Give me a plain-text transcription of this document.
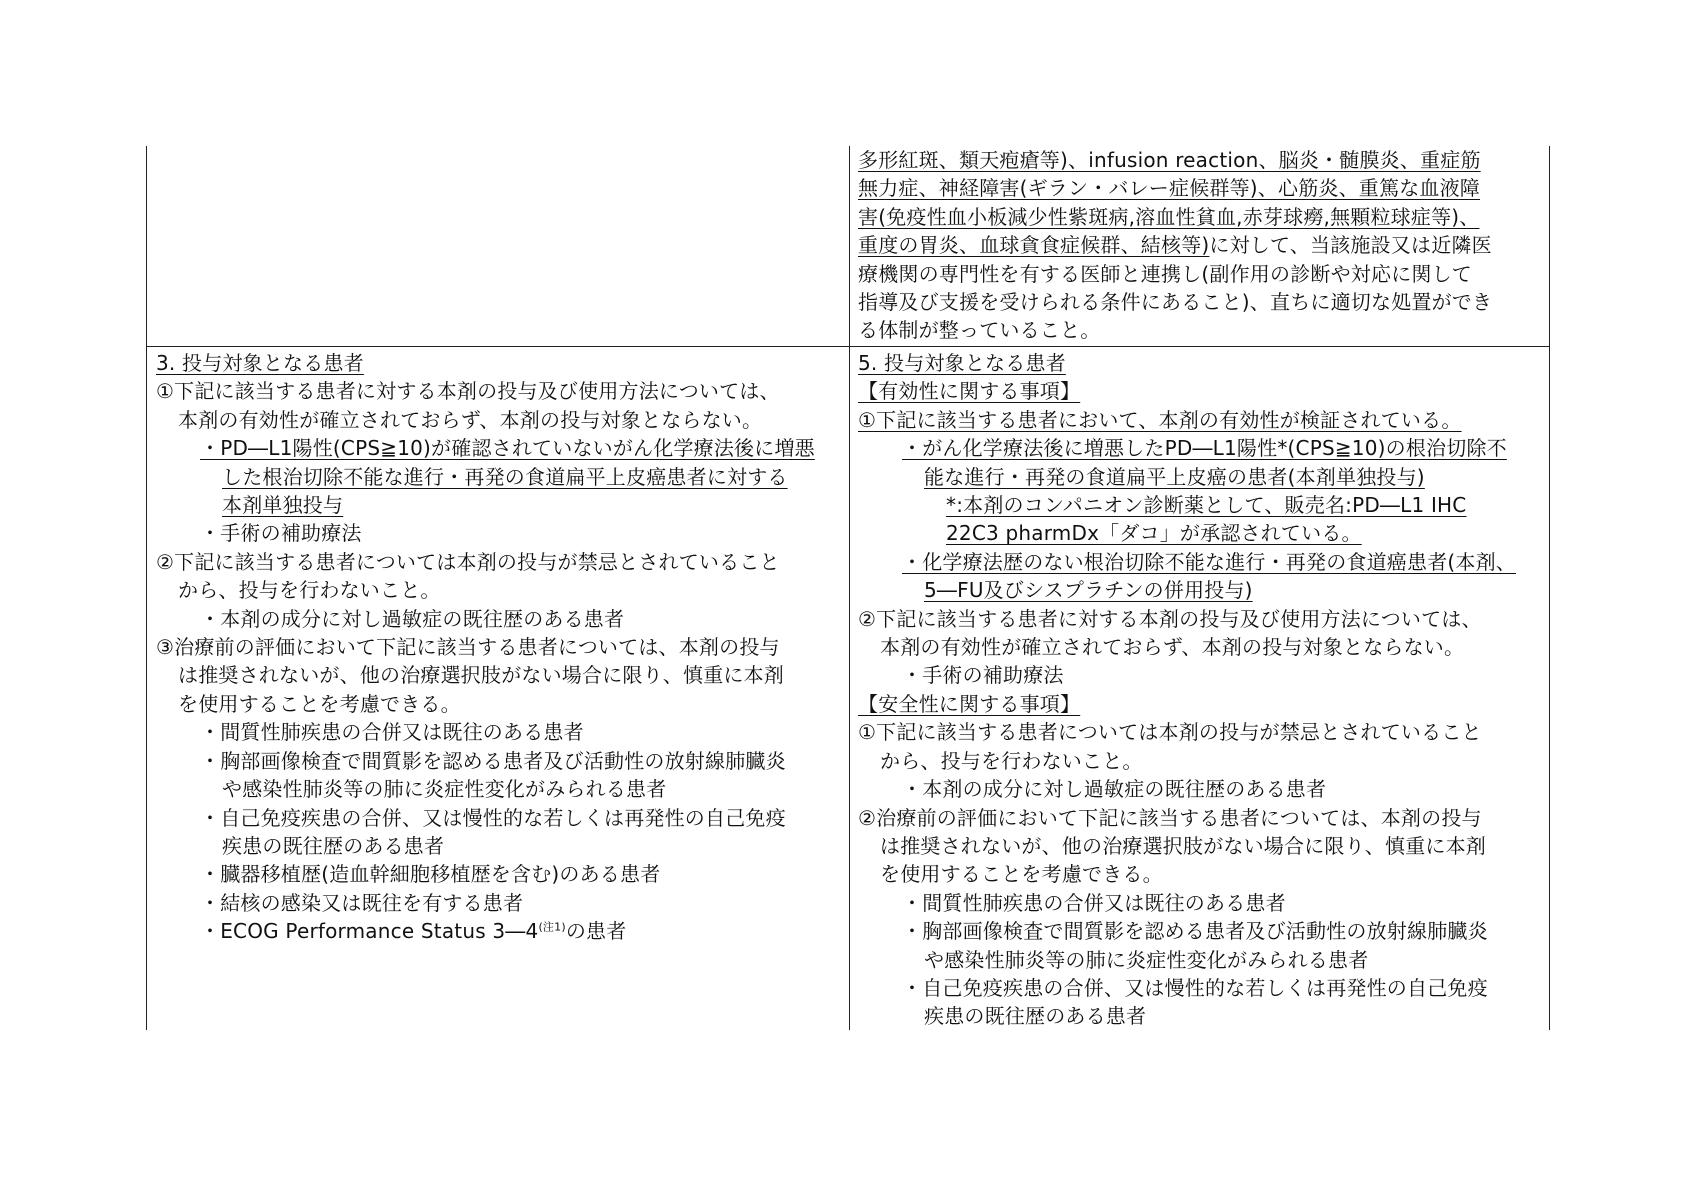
多形紅斑、類天疱瘡等)、infusion reaction、脳炎・髄膜炎、重症筋
無力症、神経障害(ギラン・バレー症候群等)、心筋炎、重篤な血液障
害(免疫性血小板減少性紫斑病,溶血性貧血,赤芽球癆,無顆粒球症等)、
重度の胃炎、血球貪食症候群、結核等)に対して、当該施設又は近隣医
療機関の専門性を有する医師と連携し(副作用の診断や対応に関して
指導及び支援を受けられる条件にあること)、直ちに適切な処置ができ
る体制が整っていること。
3. 投与対象となる患者
①下記に該当する患者に対する本剤の投与及び使用方法については、
本剤の有効性が確立されておらず、本剤の投与対象とならない。
・PD―L1陽性(CPS≧10)が確認されていないがん化学療法後に増悪
した根治切除不能な進行・再発の食道扁平上皮癌患者に対する
本剤単独投与
・手術の補助療法
②下記に該当する患者については本剤の投与が禁忌とされていること
から、投与を行わないこと。
・本剤の成分に対し過敏症の既往歴のある患者
③治療前の評価において下記に該当する患者については、本剤の投与
は推奨されないが、他の治療選択肢がない場合に限り、慎重に本剤
を使用することを考慮できる。
・間質性肺疾患の合併又は既往のある患者
・胸部画像検査で間質影を認める患者及び活動性の放射線肺臓炎
や感染性肺炎等の肺に炎症性変化がみられる患者
・自己免疫疾患の合併、又は慢性的な若しくは再発性の自己免疫
疾患の既往歴のある患者
・臓器移植歴(造血幹細胞移植歴を含む)のある患者
・結核の感染又は既往を有する患者
・ECOG Performance Status $3―4^{(注1)}$の患者
5. 投与対象となる患者
【有効性に関する事項】
①下記に該当する患者において、本剤の有効性が検証されている。
・がん化学療法後に増悪したPD―L1陽性*(CPS≧10)の根治切除不
能な進行・再発の食道扁平上皮癌の患者(本剤単独投与)
*:本剤のコンパニオン診断薬として、販売名:PD―L1 IHC
22C3 pharmDx「ダコ」が承認されている。
・化学療法歴のない根治切除不能な進行・再発の食道癌患者(本剤、
5―FU及びシスプラチンの併用投与)
②下記に該当する患者に対する本剤の投与及び使用方法については、
本剤の有効性が確立されておらず、本剤の投与対象とならない。
・手術の補助療法
【安全性に関する事項】
①下記に該当する患者については本剤の投与が禁忌とされていること
から、投与を行わないこと。
・本剤の成分に対し過敏症の既往歴のある患者
②治療前の評価において下記に該当する患者については、本剤の投与
は推奨されないが、他の治療選択肢がない場合に限り、慎重に本剤
を使用することを考慮できる。
・間質性肺疾患の合併又は既往のある患者
・胸部画像検査で間質影を認める患者及び活動性の放射線肺臓炎
や感染性肺炎等の肺に炎症性変化がみられる患者
・自己免疫疾患の合併、又は慢性的な若しくは再発性の自己免疫
疾患の既往歴のある患者
